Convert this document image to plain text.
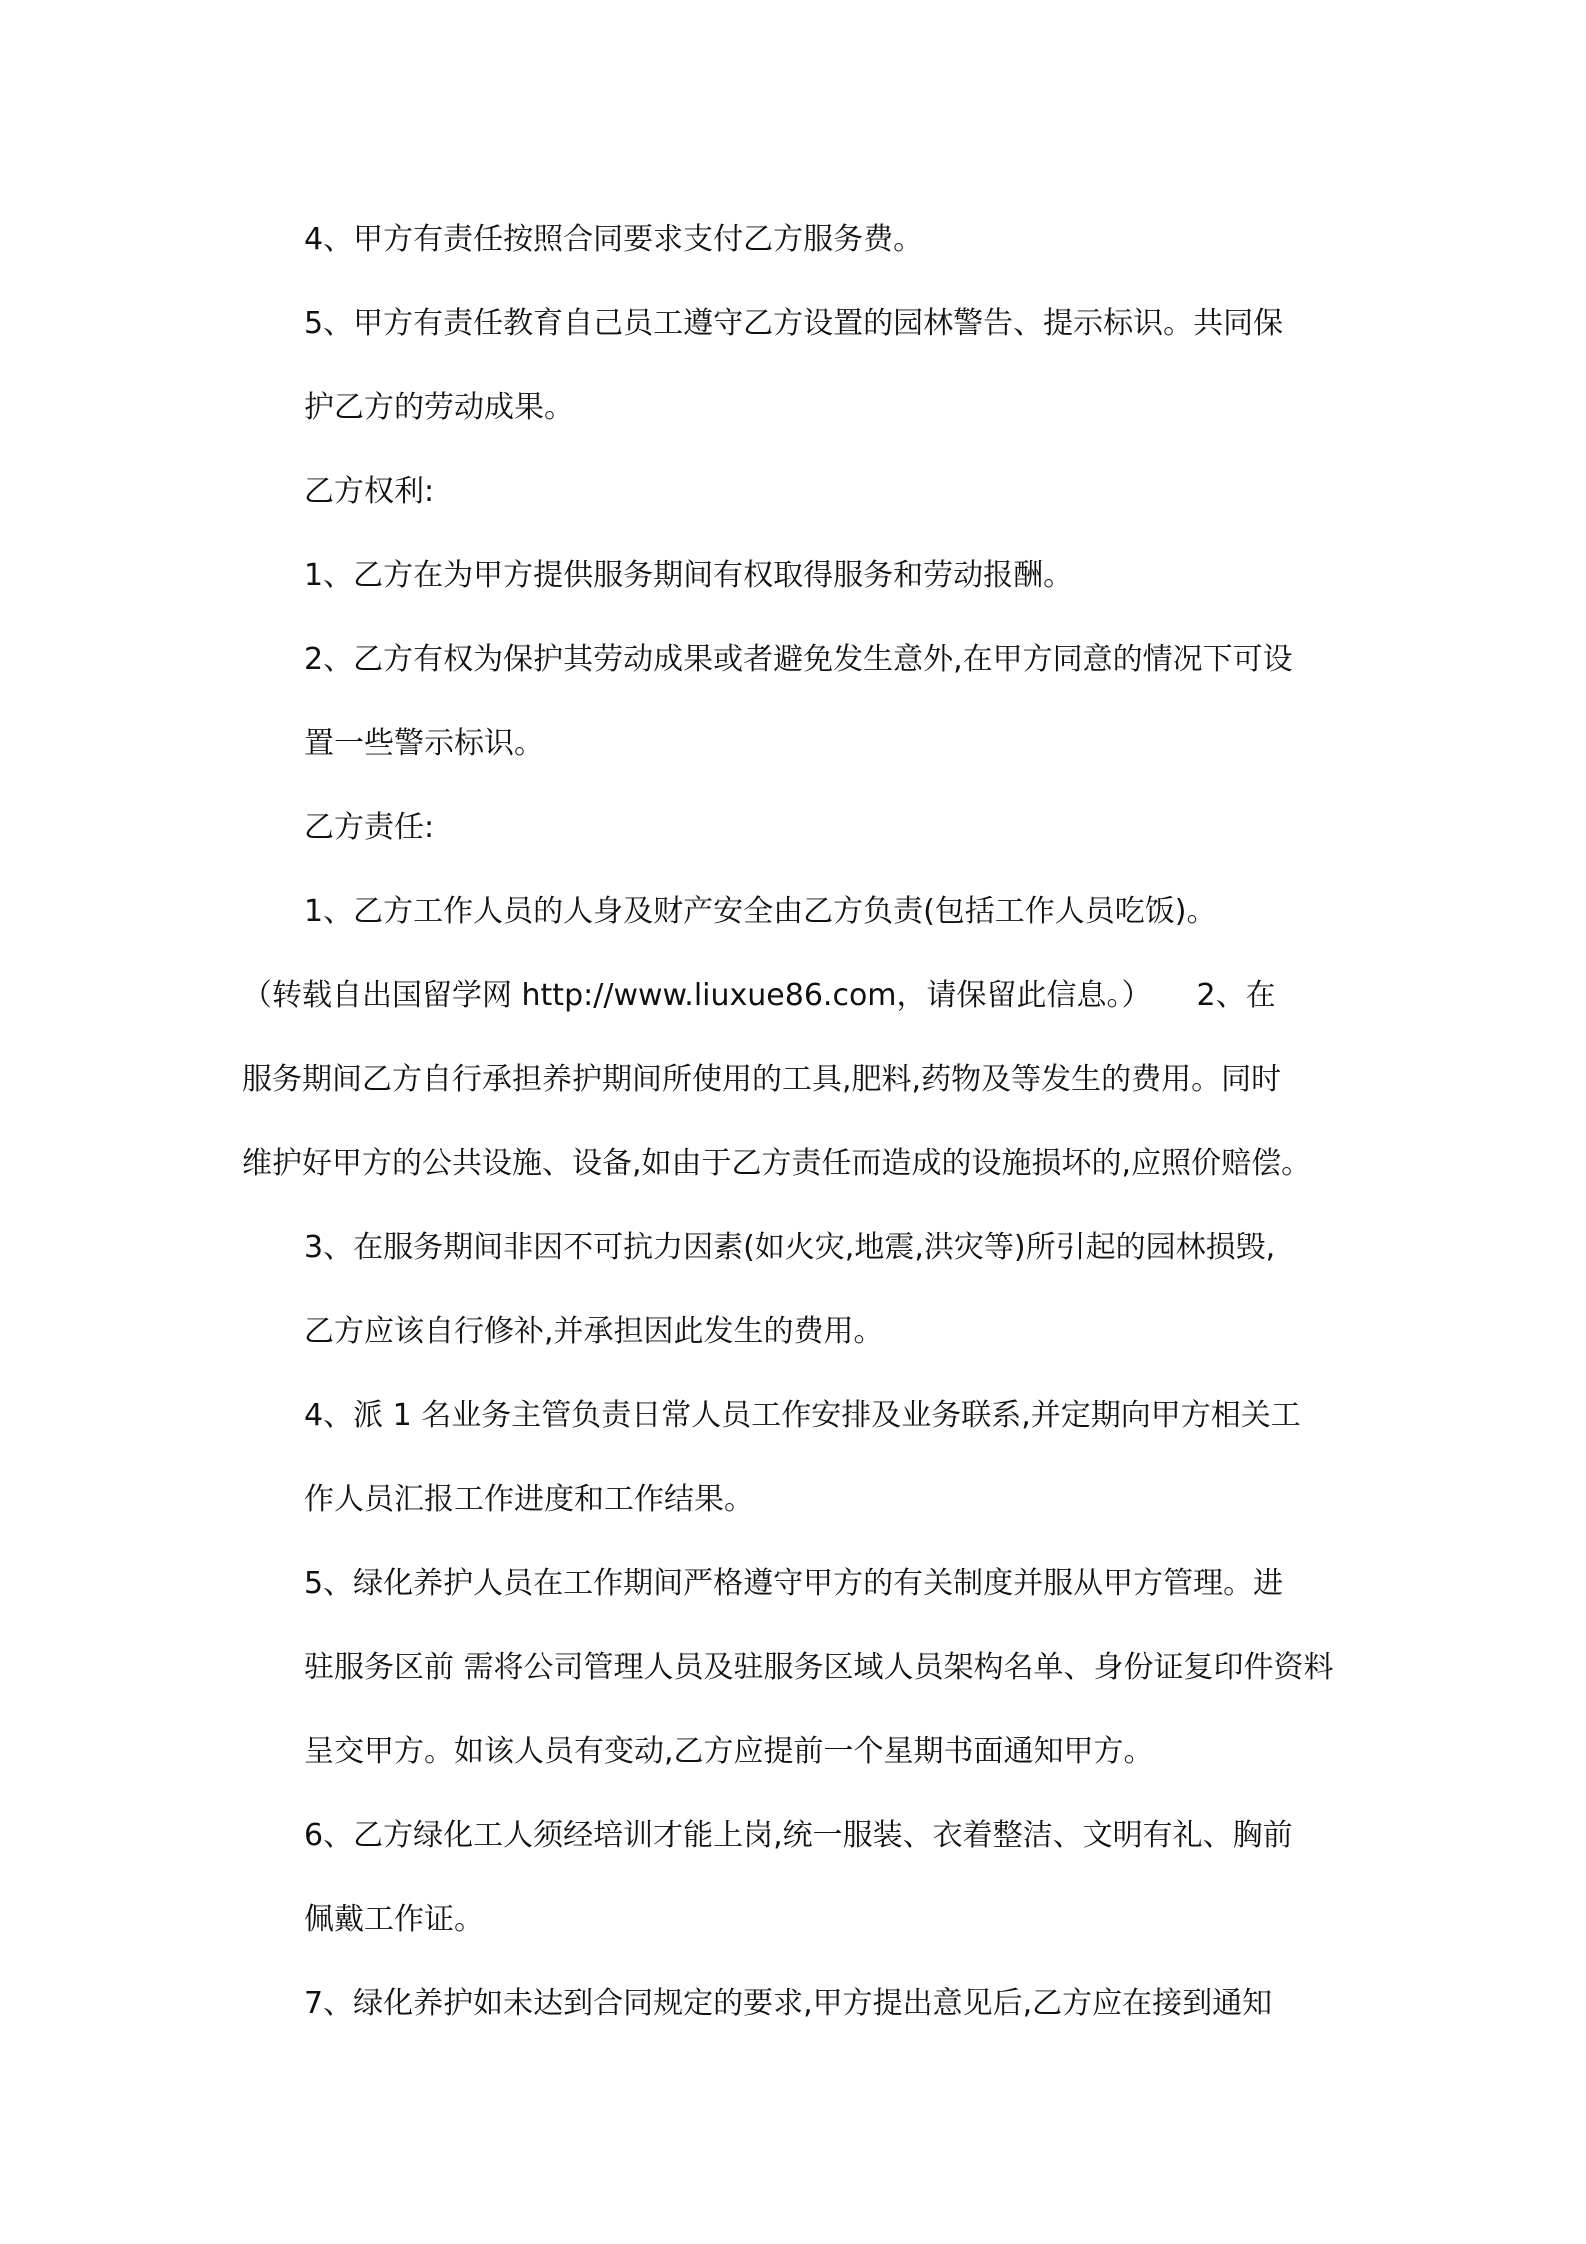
4、甲方有责任按照合同要求支付乙方服务费。

5、甲方有责任教育自己员工遵守乙方设置的园林警告、提示标识。共同保
护乙方的劳动成果。

乙方权利:

1、乙方在为甲方提供服务期间有权取得服务和劳动报酬。

2、乙方有权为保护其劳动成果或者避免发生意外,在甲方同意的情况下可设
置一些警示标识。

乙方责任:

1、乙方工作人员的人身及财产安全由乙方负责(包括工作人员吃饭)。

（转载自出国留学网 http://www.liuxue86.com，请保留此信息。）　　2、在
服务期间乙方自行承担养护期间所使用的工具,肥料,药物及等发生的费用。同时
维护好甲方的公共设施、设备,如由于乙方责任而造成的设施损坏的,应照价赔偿。

3、在服务期间非因不可抗力因素(如火灾,地震,洪灾等)所引起的园林损毁,
乙方应该自行修补,并承担因此发生的费用。

4、派 1 名业务主管负责日常人员工作安排及业务联系,并定期向甲方相关工
作人员汇报工作进度和工作结果。

5、绿化养护人员在工作期间严格遵守甲方的有关制度并服从甲方管理。进
驻服务区前 需将公司管理人员及驻服务区域人员架构名单、身份证复印件资料
呈交甲方。如该人员有变动,乙方应提前一个星期书面通知甲方。

6、乙方绿化工人须经培训才能上岗,统一服装、衣着整洁、文明有礼、胸前
佩戴工作证。

7、绿化养护如未达到合同规定的要求,甲方提出意见后,乙方应在接到通知
